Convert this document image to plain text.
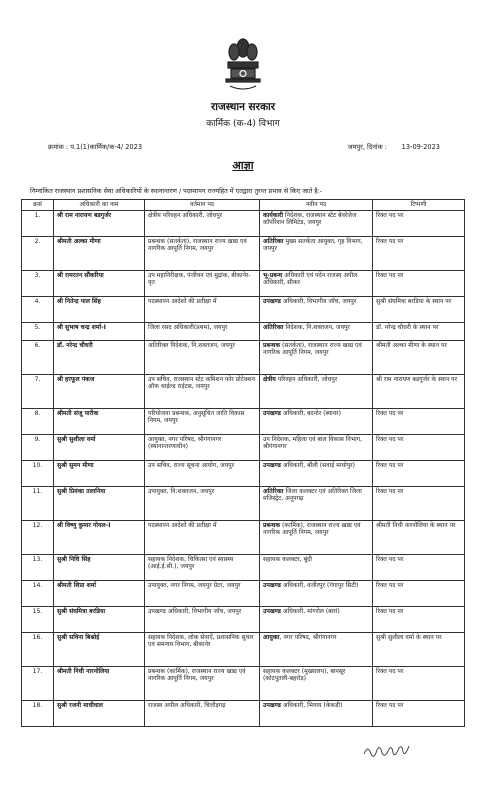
राजस्थान सरकार
कार्मिक (क-4) विभाग
क्रमांक : प.1(1)कार्मिक/क-4/ 2023	जयपुर, दिनांक : 13-09-2023
आज्ञा
निम्नांकित राजस्थान प्रशासनिक सेवा अधिकारियों के स्थानान्तरण / पदस्थापन राज्यहित में एतद्वारा तुरन्त प्रभाव से किए जाते है:-
क्रसं	अधिकारी का नाम	वर्तमान पद	नवीन पद	टिप्पणी
1.	श्री राम नारायण बडगुर्जर	क्षेत्रीय परिवहन अधिकारी, जोधपुर	कार्यकारी निदेशक, राजस्थान स्टेट बेवरेजेज कॉर्पोरेशन लिमिटेड, जयपुर	रिक्त पद पर
2.	श्रीमती अल्का मीणा	प्रबन्धक (सतर्कता), राजस्थान राज्य खाद्य एवं नागरिक आपूर्ति निगम, जयपुर	अतिरिक्त मुख्य सतर्कता आयुक्त, गृह विभाग, जयपुर	रिक्त पद पर
3.	श्री रामरतन सौंकरिया	उप महानिरीक्षक, पंजीयन एवं मुद्रांक, बीकानेर-वृत	भू-प्रबन्ध अधिकारी एवं पदेन राजस्व अपील अधिकारी, सीकर	रिक्त पद पर
4.	श्री नितेन्द्र पाल सिंह	पदस्थापन आदेशों की प्रतीक्षा में	उपखण्ड अधिकारी, विभागीय जाँच, जयपुर	सुश्री संघमित्रा बरडिया के स्थान पर
5.	श्री सुभाष चन्द्र शर्मा-I	जिला रसद अधिकारी(प्रथम), जयपुर	अतिरिक्त निदेशक, नि.शक्तजन, जयपुर	डॉ. नरेन्द्र चौधरी के स्थान पर
6.	डॉ. नरेन्द्र चौधरी	अतिरिक्त निदेशक, नि.शक्तजन, जयपुर	प्रबन्धक (सतर्कता), राजस्थान राज्य खाद्य एवं नागरिक आपूर्ति निगम, जयपुर	श्रीमती अल्का मीणा के स्थान पर
7.	श्री हरफूल पंकज	उप सचिव, राजस्थान स्टेट कमिशन फोर प्रोटेक्शन ऑफ चाईल्ड राईटस, जयपुर	क्षेत्रीय परिवहन अधिकारी, जोधपुर	श्री राम नारायण बडगुर्जर के स्थान पर
8.	श्रीमती संजू पारीक	परियोजना प्रबन्धक, अनुसूचित जाति विकास निगम, जयपुर	उपखण्ड अधिकारी, बदनोर (ब्यावर)	रिक्त पद पर
9.	सुश्री सुशीला वर्मा	आयुक्त, नगर परिषद, श्रीगंगानगर (स्थानान्तरणाधीन)	उप निदेशक, महिला एवं बाल विकास विभाग, श्रीगंगानगर	रिक्त पद पर
10.	सुश्री सुमन मीणा	उप सचिव, राज्य सूचना आयोग, जयपुर	उपखण्ड अधिकारी, बौंली (सवाई माधोपुर)	रिक्त पद पर
11.	सुश्री प्रियंका तलानिया	उपायुक्त, नि:शक्तजन, जयपुर	अतिरिक्त जिला कलक्टर एवं अतिरिक्त जिला मजिस्ट्रेट, अनूपगढ़	रिक्त पद पर
12.	श्री विष्णु कुमार गोयल-I	पदस्थापन आदेशों की प्रतीक्षा में	प्रबन्धक (कार्मिक), राजस्थान राज्य खाद्य एवं नागरिक आपूर्ति निगम, जयपुर	श्रीमती निधी नारनोलिया के स्थान पर
13.	सुश्री निधि सिंह	सहायक निदेशक, चिकित्सा एवं स्वास्थ्य (आई.ई.सी.), जयपुर	सहायक कलक्टर, बूंदी	रिक्त पद पर
14.	श्रीमती शिप्रा शर्मा	उपायुक्त, नगर निगम, जयपुर ग्रेटर, जयपुर	उपखण्ड अधिकारी, वजीरपुर (गंगापुर सिटी)	रिक्त पद पर
15.	सुश्री संघमित्रा बरडिया	उपखण्ड अधिकारी, विभागीय जाँच, जयपुर	उपखण्ड अधिकारी, मांगरोल (बारां)	रिक्त पद पर
16.	सुश्री सविना बिश्नोई	सहायक निदेशक, लोक सेवाऐं, प्रशासनिक सुधार एवं समन्वय विभाग, बीकानेर	आयुक्त, नगर परिषद, श्रीगंगानगर	सुश्री सुशीला वर्मा के स्थान पर
17.	श्रीमती निधी नारनोलिया	प्रबन्धक (कार्मिक), राजस्थान राज्य खाद्य एवं नागरिक आपूर्ति निगम, जयपुर	सहायक कलक्टर (मुख्यालय), बानसूर (कोटपूतली-बहरोड़)	रिक्त पद पर
18.	सुश्री रजनी माधीवाल	राजस्व अपील अधिकारी, चित्तौड़गढ़	उपखण्ड अधिकारी, भिनाय (केकडी)	रिक्त पद पर
